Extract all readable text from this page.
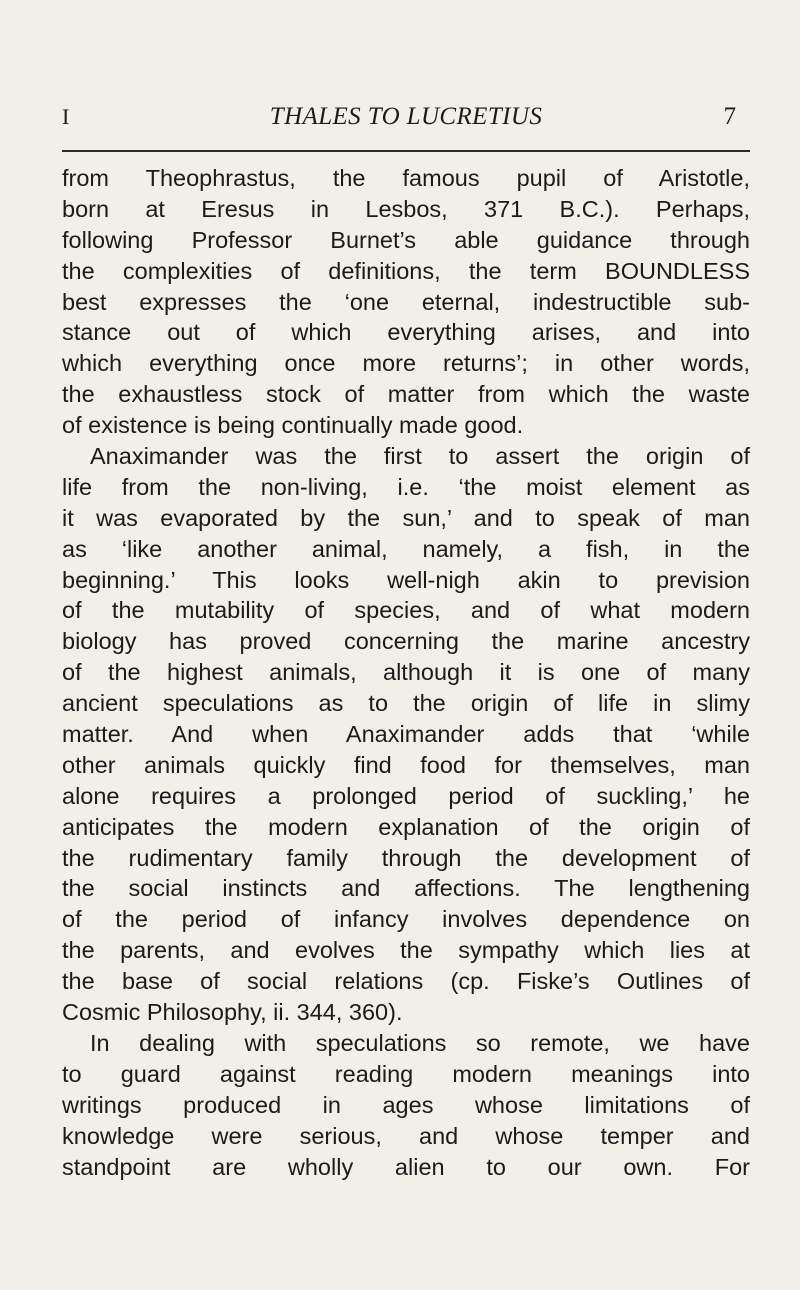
I	THALES TO LUCRETIUS	7
from Theophrastus, the famous pupil of Aristotle,
born at Eresus in Lesbos, 371 B.C.). Perhaps,
following Professor Burnet’s able guidance through
the complexities of definitions, the term BOUNDLESS
best expresses the ‘one eternal, indestructible sub-
stance out of which everything arises, and into
which everything once more returns’; in other words,
the exhaustless stock of matter from which the waste
of existence is being continually made good.
Anaximander was the first to assert the origin of
life from the non-living, i.e. ‘the moist element as
it was evaporated by the sun,’ and to speak of man
as ‘like another animal, namely, a fish, in the
beginning.’ This looks well-nigh akin to prevision
of the mutability of species, and of what modern
biology has proved concerning the marine ancestry
of the highest animals, although it is one of many
ancient speculations as to the origin of life in slimy
matter. And when Anaximander adds that ‘while
other animals quickly find food for themselves, man
alone requires a prolonged period of suckling,’ he
anticipates the modern explanation of the origin of
the rudimentary family through the development of
the social instincts and affections. The lengthening
of the period of infancy involves dependence on
the parents, and evolves the sympathy which lies at
the base of social relations (cp. Fiske’s Outlines of
Cosmic Philosophy, ii. 344, 360).
In dealing with speculations so remote, we have
to guard against reading modern meanings into
writings produced in ages whose limitations of
knowledge were serious, and whose temper and
standpoint are wholly alien to our own. For
